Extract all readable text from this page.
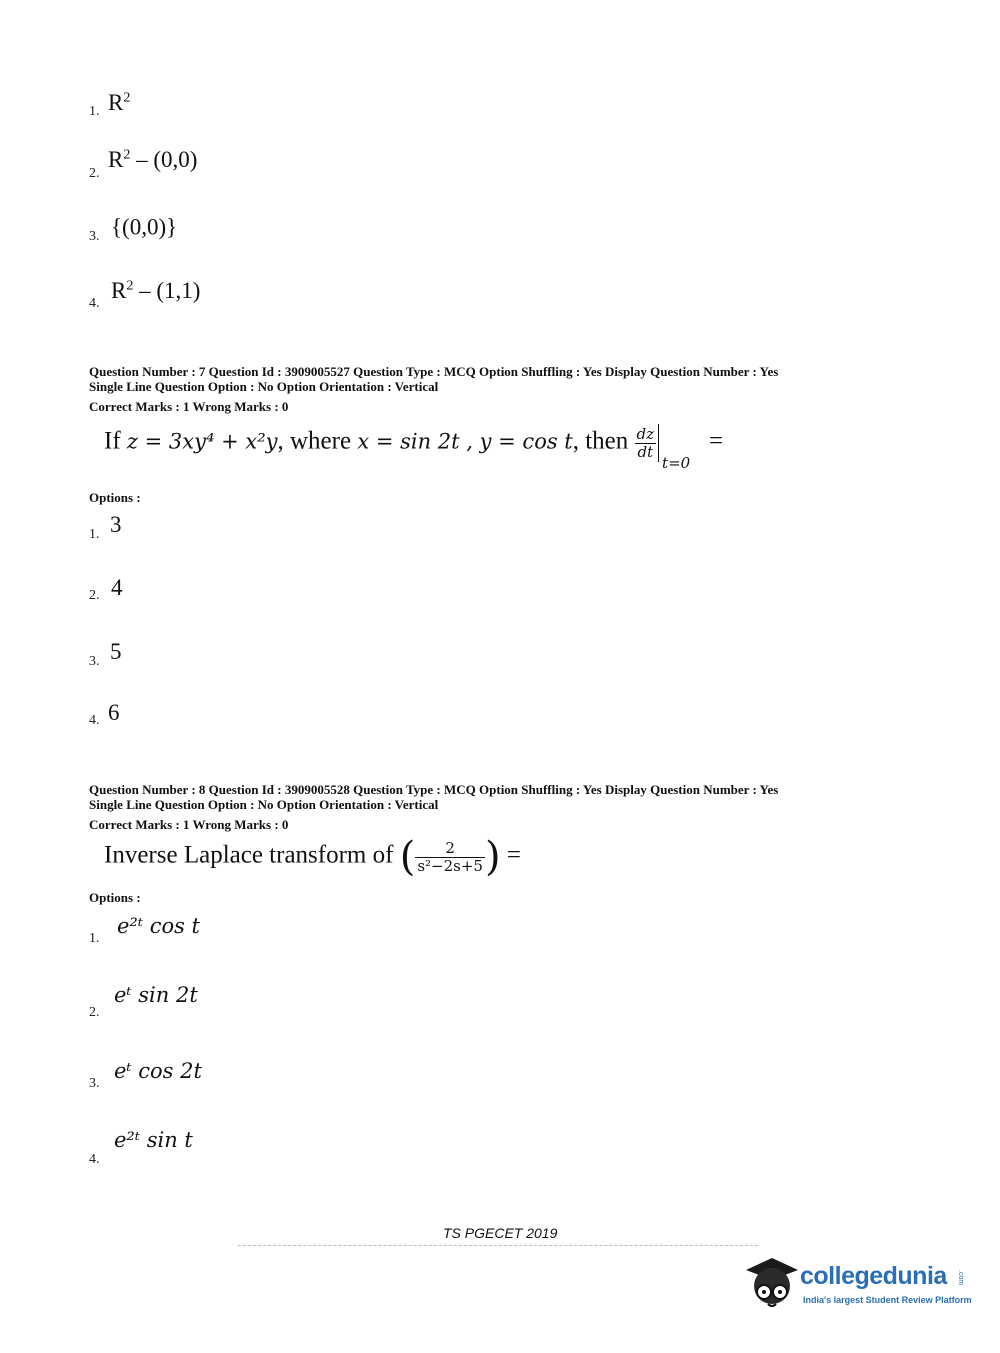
1. $R^2$
2.
$R^2 - (0,0)$
3. {(0,0)}
4.
$R^2 - (1,1)$
Question Number : 7 Question Id : 3909005527 Question Type : MCQ Option Shuffling : Yes Display Question Number : Yes
Single Line Question Option : No Option Orientation : Vertical
Correct Marks : 1 Wrong Marks : 0
If z = 3xy⁴ + x²y, where x = sin 2t , y = cos t, then $\frac{dz}{dt}$
t=0
=
Options :
1. 3
2. 4
3. 5
4. 6
Question Number : 8 Question Id : 3909005528 Question Type : MCQ Option Shuffling : Yes Display Question Number : Yes
Single Line Question Option : No Option Orientation : Vertical
Correct Marks : 1 Wrong Marks : 0
Inverse Laplace transform of ( $\frac{2}{\text{s²−2s+5}}$ ) =
Options :
1.
e²ᵗ cos t
2.
eᵗ sin 2t
3.
eᵗ cos 2t
4.
e²ᵗ sin t
TS PGECET 2019
collegedunia .com
India's largest Student Review Platform
